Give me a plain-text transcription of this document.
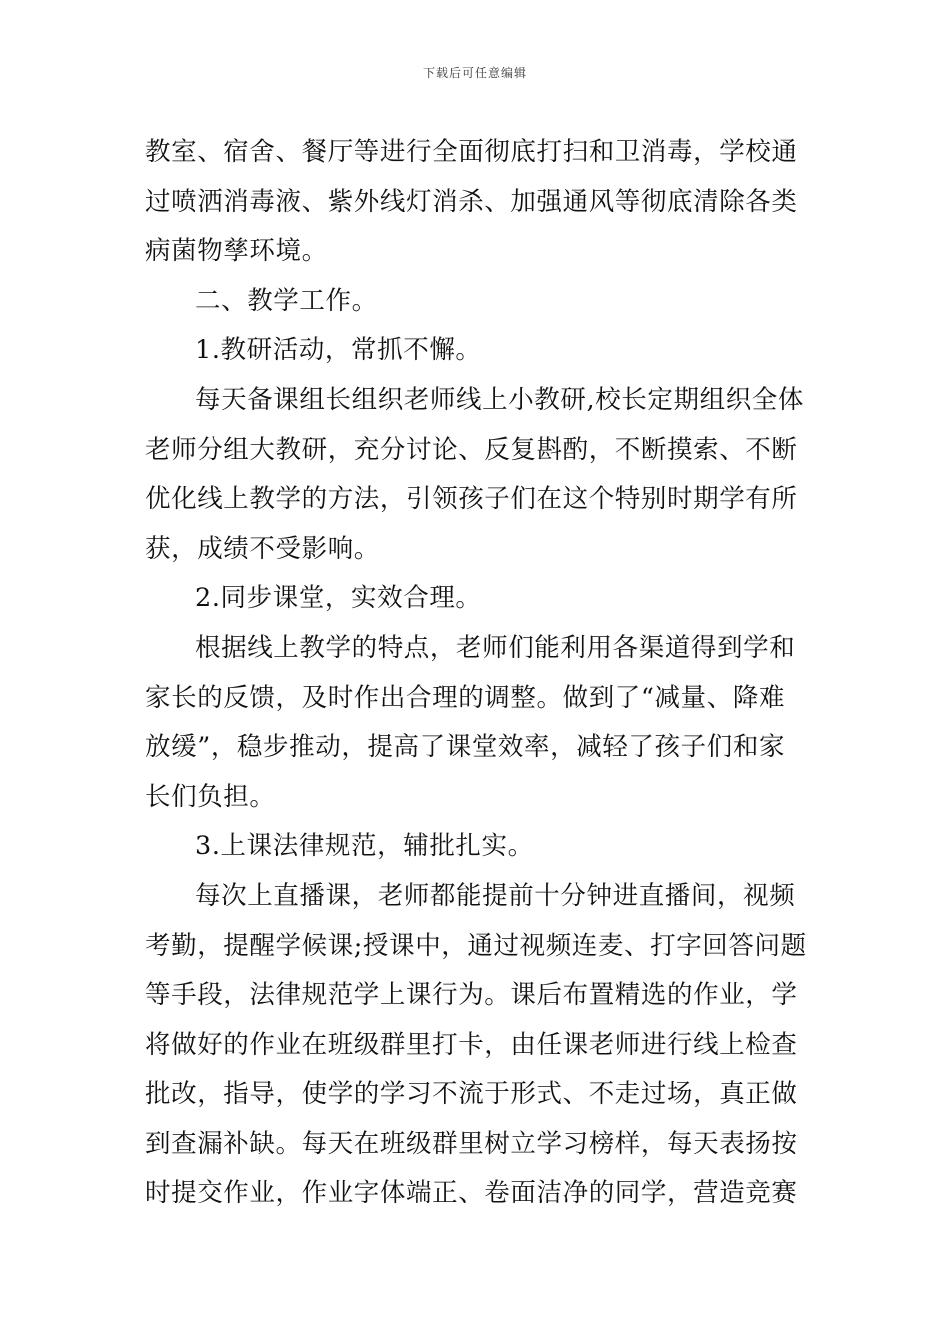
下载后可任意编辑
教室、宿舍、餐厅等进行全面彻底打扫和卫消毒，学校通
过喷洒消毒液、紫外线灯消杀、加强通风等彻底清除各类
病菌物孳环境。
二、教学工作。
1.教研活动，常抓不懈。
每天备课组长组织老师线上小教研,校长定期组织全体
老师分组大教研，充分讨论、反复斟酌，不断摸索、不断
优化线上教学的方法，引领孩子们在这个特别时期学有所
获，成绩不受影响。
2.同步课堂，实效合理。
根据线上教学的特点，老师们能利用各渠道得到学和
家长的反馈，及时作出合理的调整。做到了“减量、降难
放缓”，稳步推动，提高了课堂效率，减轻了孩子们和家
长们负担。
3.上课法律规范，辅批扎实。
每次上直播课，老师都能提前十分钟进直播间，视频
考勤，提醒学候课;授课中，通过视频连麦、打字回答问题
等手段，法律规范学上课行为。课后布置精选的作业，学
将做好的作业在班级群里打卡，由任课老师进行线上检查
批改，指导，使学的学习不流于形式、不走过场，真正做
到查漏补缺。每天在班级群里树立学习榜样，每天表扬按
时提交作业，作业字体端正、卷面洁净的同学，营造竞赛
